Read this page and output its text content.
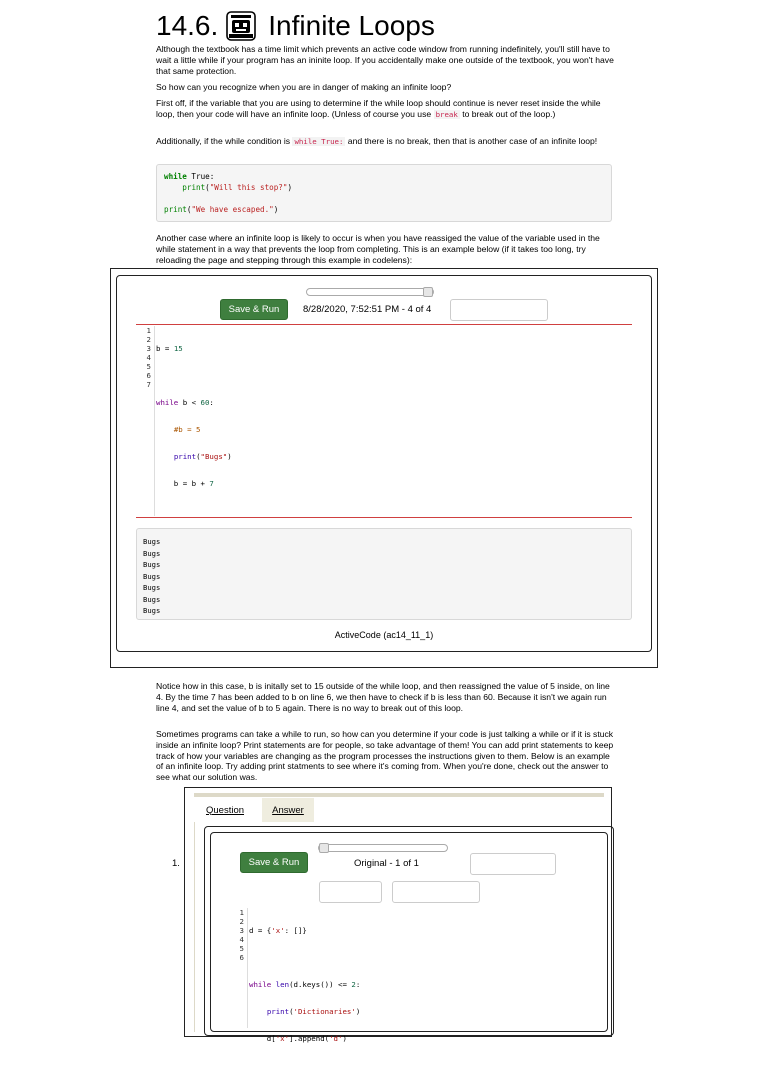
14.6. Infinite Loops

Although the textbook has a time limit which prevents an active code window from running indefinitely, you'll still have to wait a little while if your program has an ininite loop. If you accidentally make one outside of the textbook, you won't have that same protection.

So how can you recognize when you are in danger of making an infinite loop?

First off, if the variable that you are using to determine if the while loop should continue is never reset inside the while loop, then your code will have an infinite loop. (Unless of course you use break to break out of the loop.)

Additionally, if the while condition is while True: and there is no break, then that is another case of an infinite loop!

while True:
print("Will this stop?")

print("We have escaped.")

Another case where an infinite loop is likely to occur is when you have reassiged the value of the variable used in the while statement in a way that prevents the loop from completing. This is an example below (if it takes too long, try reloading the page and stepping through this example in codelens):

Save & Run	8/28/2020, 7:52:51 PM - 4 of 4
1
2
3
4
5
6
7

b = 15

while b < 60:

#b = 5

print("Bugs")

b = b + 7

Bugs
Bugs
Bugs
Bugs
Bugs
Bugs
Bugs
ActiveCode (ac14_11_1)

Notice how in this case, b is initally set to 15 outside of the while loop, and then reassigned the value of 5 inside, on line 4. By the time 7 has been added to b on line 6, we then have to check if b is less than 60. Because it isn't we again run line 4, and set the value of b to 5 again. There is no way to break out of this loop.

Sometimes programs can take a while to run, so how can you determine if your code is just talking a while or if it is stuck inside an infinite loop? Print statements are for people, so take advantage of them! You can add print statements to keep track of how your variables are changing as the program processes the instructions given to them. Below is an example of an infinite loop. Try adding print statments to see where it's coming from. When you're done, check out the answer to see what our solution was.

Question	Answer
1.	Save & Run	Original - 1 of 1
1
2
3
4
5
6

d = {'x': []}

while len(d.keys()) <= 2:

print('Dictionaries')

d['x'].append('d')
